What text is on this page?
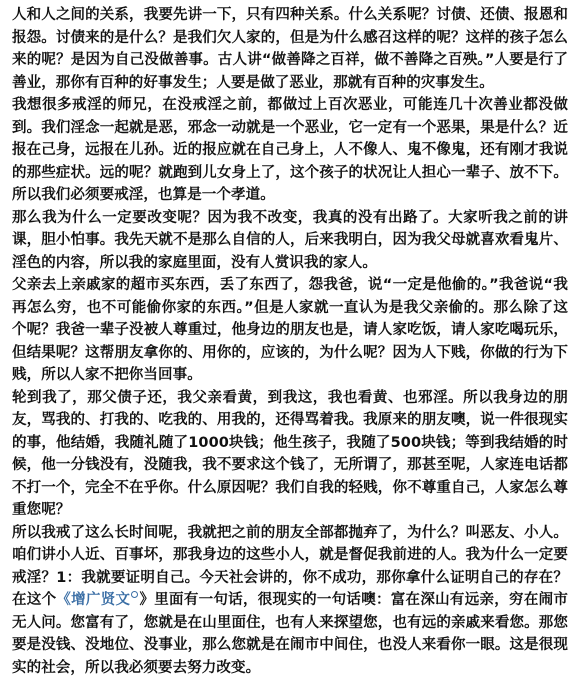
人和人之间的关系，我要先讲一下，只有四种关系。什么关系呢？讨债、还债、报恩和报怨。讨债来的是什么？是我们欠人家的，但是为什么感召这样的呢？这样的孩子怎么来的呢？是因为自己没做善事。古人讲“做善降之百祥，做不善降之百殃。”人要是行了善业，那你有百种的好事发生；人要是做了恶业，那就有百种的灾事发生。

我想很多戒淫的师兄，在没戒淫之前，都做过上百次恶业，可能连几十次善业都没做到。我们淫念一起就是恶，邪念一动就是一个恶业，它一定有一个恶果，果是什么？近报在己身，远报在儿孙。近的报应就在自己身上，人不像人、鬼不像鬼，还有刚才我说的那些症状。远的呢？就跑到儿女身上了，这个孩子的状况让人担心一辈子、放不下。所以我们必须要戒淫，也算是一个孝道。

那么我为什么一定要改变呢？因为我不改变，我真的没有出路了。大家听我之前的讲课，胆小怕事。我先天就不是那么自信的人，后来我明白，因为我父母就喜欢看鬼片、淫色的内容，所以我的家庭里面，没有人赏识我的家人。

父亲去上亲戚家的超市买东西，丢了东西了，怨我爸，说“一定是他偷的。”我爸说“我再怎么穷，也不可能偷你家的东西。”但是人家就一直认为是我父亲偷的。那么除了这个呢？我爸一辈子没被人尊重过，他身边的朋友也是，请人家吃饭，请人家吃喝玩乐，但结果呢？这帮朋友拿你的、用你的，应该的，为什么呢？因为人下贱，你做的行为下贱，所以人家不把你当回事。

轮到我了，那父债子还，我父亲看黄，到我这，我也看黄、也邪淫。所以我身边的朋友，骂我的、打我的、吃我的、用我的，还得骂着我。我原来的朋友噢，说一件很现实的事，他结婚，我随礼随了1000块钱；他生孩子，我随了500块钱；等到我结婚的时候，他一分钱没有，没随我，我不要求这个钱了，无所谓了，那甚至呢，人家连电话都不打一个，完全不在乎你。什么原因呢？我们自我的轻贱，你不尊重自己，人家怎么尊重您呢？

所以我戒了这么长时间呢，我就把之前的朋友全部都抛弃了，为什么？叫恶友、小人。咱们讲小人近、百事坏，那我身边的这些小人，就是督促我前进的人。我为什么一定要戒淫？1：我就要证明自己。今天社会讲的，你不成功，那你拿什么证明自己的存在？在这个《增广贤文 》里面有一句话，很现实的一句话噢：富在深山有远亲，穷在闹市无人问。您富有了，您就是在山里面住，也有人来探望您，也有远的亲戚来看您。那您要是没钱、没地位、没事业，那么您就是在闹市中间住，也没人来看你一眼。这是很现实的社会，所以我必须要去努力改变。
